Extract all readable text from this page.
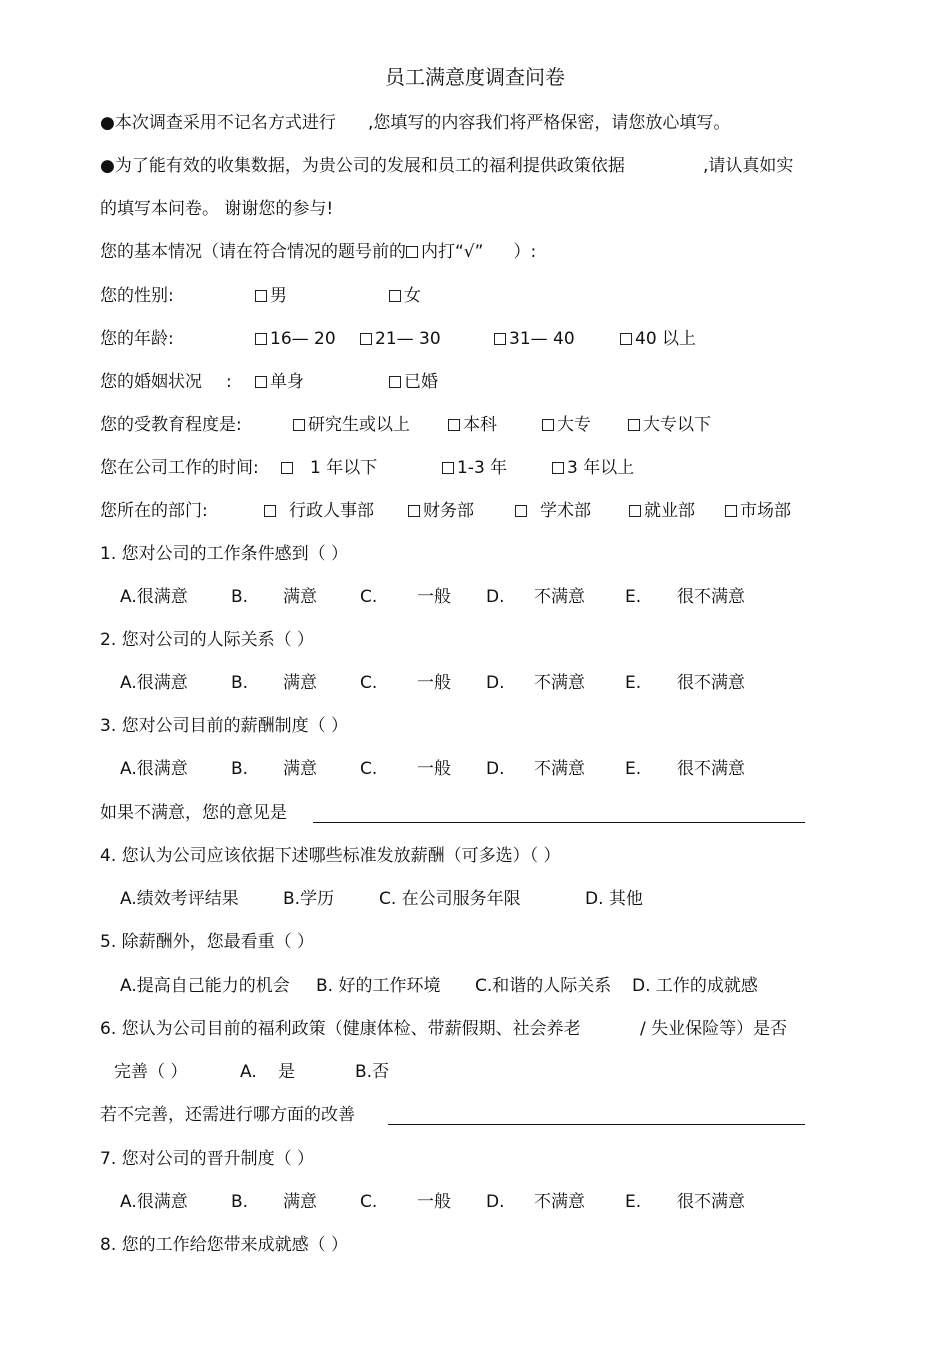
员工满意度调查问卷
●本次调查采用不记名方式进行 ,您填写的内容我们将严格保密，请您放心填写。
●为了能有效的收集数据，为贵公司的发展和员工的福利提供政策依据	,请认真如实
的填写本问卷。 谢谢您的参与!
您的基本情况（请在符合情况的题号前的 内打“√” ）:
您的性别:	男	女
您的年龄:	16— 20	21— 30	31— 40	40 以上
您的婚姻状况 :	单身	已婚
您的受教育程度是:	研究生或以上	本科	大专	大专以下
您在公司工作的时间:	1 年以下	1-3 年	3 年以上
您所在的部门:	行政人事部	财务部	学术部	就业部	市场部
1. 您对公司的工作条件感到（ ）
A.很满意	B. 满意	C. 一般 D. 不满意 E. 很不满意
2. 您对公司的人际关系（ ）
A.很满意	B. 满意	C. 一般 D. 不满意 E. 很不满意
3. 您对公司目前的薪酬制度（ ）
A.很满意	B. 满意	C. 一般 D. 不满意 E. 很不满意
如果不满意，您的意见是
4. 您认为公司应该依据下述哪些标准发放薪酬（可多选）（ ）
A.绩效考评结果	B.学历	C. 在公司服务年限	D. 其他
5. 除薪酬外，您最看重（ ）
A.提高自己能力的机会 B. 好的工作环境 C.和谐的人际关系 D. 工作的成就感
6. 您认为公司目前的福利政策（健康体检、带薪假期、社会养老	/ 失业保险等）是否
完善（ ）	A. 是	B.否
若不完善，还需进行哪方面的改善
7. 您对公司的晋升制度（ ）
A.很满意	B. 满意	C. 一般 D. 不满意 E. 很不满意
8. 您的工作给您带来成就感（ ）
